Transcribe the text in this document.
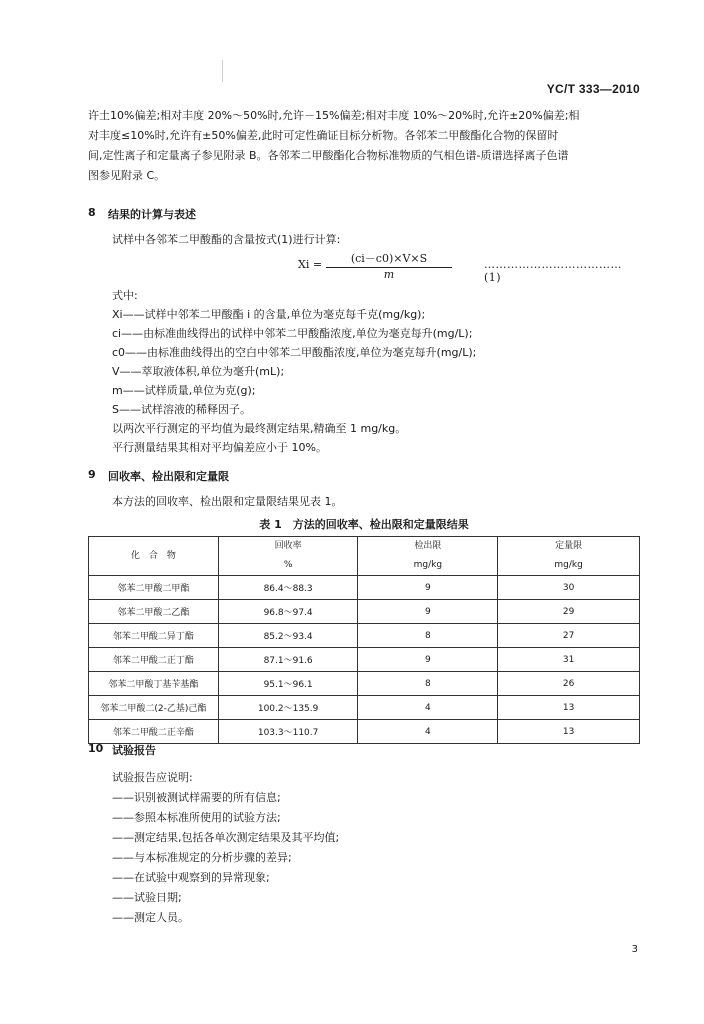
YC/T 333—2010
许土10%偏差;相对丰度 20%～50%时,允许－15%偏差;相对丰度 10%～20%时,允许±20%偏差;相
对丰度≤10%时,允许有±50%偏差,此时可定性确证目标分析物。各邻苯二甲酸酯化合物的保留时
间,定性离子和定量离子参见附录 B。各邻苯二甲酸酯化合物标准物质的气相色谱-质谱选择离子色谱
图参见附录 C。
8 结果的计算与表述
试样中各邻苯二甲酸酯的含量按式(1)进行计算:
$Xi = \frac{(ci-c0)\times V\times S}{m}$	………………………………(1)
式中:
Xi——试样中邻苯二甲酸酯 i 的含量,单位为毫克每千克(mg/kg);
ci——由标准曲线得出的试样中邻苯二甲酸酯浓度,单位为毫克每升(mg/L);
c0——由标准曲线得出的空白中邻苯二甲酸酯浓度,单位为毫克每升(mg/L);
V——萃取液体积,单位为毫升(mL);
m——试样质量,单位为克(g);
S——试样溶液的稀释因子。
以两次平行测定的平均值为最终测定结果,精确至 1 mg/kg。
平行测量结果其相对平均偏差应小于 10%。
9 回收率、检出限和定量限
本方法的回收率、检出限和定量限结果见表 1。
表 1　方法的回收率、检出限和定量限结果
化　合　物	回收率	检出限	定量限
	%	mg/kg	mg/kg
邻苯二甲酸二甲酯	86.4～88.3	9	30
邻苯二甲酸二乙酯	96.8～97.4	9	29
邻苯二甲酸二异丁酯	85.2～93.4	8	27
邻苯二甲酸二正丁酯	87.1～91.6	9	31
邻苯二甲酸丁基苄基酯	95.1～96.1	8	26
邻苯二甲酸二(2-乙基)己酯	100.2～135.9	4	13
邻苯二甲酸二正辛酯	103.3～110.7	4	13
10 试验报告
试验报告应说明:
——识别被测试样需要的所有信息;
——参照本标准所使用的试验方法;
——测定结果,包括各单次测定结果及其平均值;
——与本标准规定的分析步骤的差异;
——在试验中观察到的异常现象;
——试验日期;
——测定人员。
3
